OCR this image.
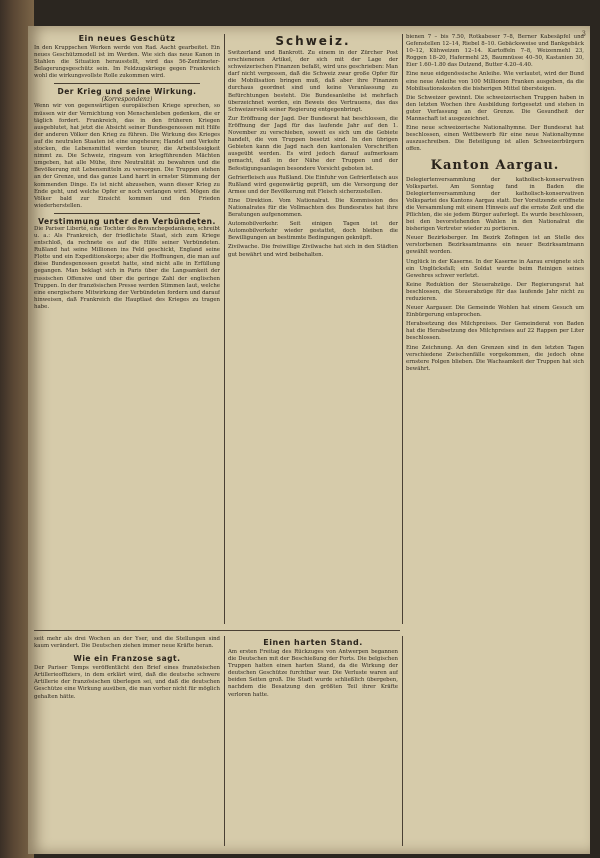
3
Ein neues Geschütz

In den Kruppschen Werken werde von Rad. Aacht gearbeitet. Ein neues Geschützmodell ist im Werden. Wie sich das neue Kanon in Stahlen die Situation herausstellt, wird das 56-Zentimeter-Belagerungsgeschütz sein. Im Feldzugskriege gegen Frankreich wohl die wirkungsvollste Rolle zukommen wird.

Der Krieg und seine Wirkung.
(Korrespondenz)

Wenn wir von gegenwärtigen europäischen Kriege sprechen, so müssen wir der Vernichtung von Menschenleben gedenken, die er täglich fordert. Frankreich, das in den früheren Kriegen ausgeblutet, hat jetzt die Absicht seiner Bundesgenossen mit Hilfe der anderen Völker den Krieg zu führen. Die Wirkung des Krieges auf die neutralen Staaten ist eine ungeheure; Handel und Verkehr stocken, die Lebensmittel werden teurer, die Arbeitslosigkeit nimmt zu. Die Schweiz, ringsum von kriegführenden Mächten umgeben, hat alle Mühe, ihre Neutralität zu bewahren und die Bevölkerung mit Lebensmitteln zu versorgen. Die Truppen stehen an der Grenze, und das ganze Land harrt in ernster Stimmung der kommenden Dinge. Es ist nicht abzusehen, wann dieser Krieg zu Ende geht, und welche Opfer er noch verlangen wird. Mögen die Völker bald zur Einsicht kommen und den Frieden wiederherstellen.

Verstimmung unter den Verbündeten.

Die Pariser Liberté, eine Tochter des Revanchegedankens, schreibt u. a.: Als Frankreich, der friedlichste Staat, sich zum Kriege entschloß, da rechnete es auf die Hilfe seiner Verbündeten. Rußland hat seine Millionen ins Feld geschickt, England seine Flotte und ein Expeditionskorps; aber die Hoffnungen, die man auf diese Bundesgenossen gesetzt hatte, sind nicht alle in Erfüllung gegangen. Man beklagt sich in Paris über die Langsamkeit der russischen Offensive und über die geringe Zahl der englischen Truppen. In der französischen Presse werden Stimmen laut, welche eine energischere Mitwirkung der Verbündeten fordern und darauf hinweisen, daß Frankreich die Hauptlast des Krieges zu tragen habe.

Schweiz.

Switzerland und Bankrott. Zu einem in der Zürcher Post erschienenen Artikel, der sich mit der Lage der schweizerischen Finanzen befaßt, wird uns geschrieben: Man darf nicht vergessen, daß die Schweiz zwar große Opfer für die Mobilisation bringen muß, daß aber ihre Finanzen durchaus geordnet sind und keine Veranlassung zu Befürchtungen besteht. Die Bundesanleihe ist mehrfach überzeichnet worden, ein Beweis des Vertrauens, das das Schweizervolk seiner Regierung entgegenbringt.

Zur Eröffnung der Jagd. Der Bundesrat hat beschlossen, die Eröffnung der Jagd für das laufende Jahr auf den 1. November zu verschieben, soweit es sich um die Gebiete handelt, die von Truppen besetzt sind. In den übrigen Gebieten kann die Jagd nach den kantonalen Vorschriften ausgeübt werden. Es wird jedoch darauf aufmerksam gemacht, daß in der Nähe der Truppen und der Befestigungsanlagen besondere Vorsicht geboten ist.

Gefrierfleisch aus Rußland. Die Einfuhr von Gefrierfleisch aus Rußland wird gegenwärtig geprüft, um die Versorgung der Armee und der Bevölkerung mit Fleisch sicherzustellen.

Eine Direktion. Vom Nationalrat. Die Kommission des Nationalrates für die Vollmachten des Bundesrates hat ihre Beratungen aufgenommen.

Automobilverkehr. Seit einigen Tagen ist der Automobilverkehr wieder gestattet, doch bleiben die Bewilligungen an bestimmte Bedingungen geknüpft.

Zivilwache. Die freiwillige Zivilwache hat sich in den Städten gut bewährt und wird beibehalten.

bienen 7 – bis 7.50, Rotkabeser 7–8, Berner Kabesäpfel und Gefenstellen 12–14, Riebel 8–10. Gebäcksweise und Bankgebäck 10–12, Kühweizen 12–14. Kartoffeln 7–8, Weizenmehl 23, Roggen 18–20, Hafermehl 25, Baumnüsse 40–50, Kastanien 30, Eier 1.60–1.80 das Dutzend, Butter 4.20–4.40.

Eine neue eidgenössische Anleihe. Wie verlautet, wird der Bund eine neue Anleihe von 100 Millionen Franken ausgeben, da die Mobilisationskosten die bisherigen Mittel übersteigen.

Die Schweizer gewinnt. Die schweizerischen Truppen haben in den letzten Wochen ihre Ausbildung fortgesetzt und stehen in guter Verfassung an der Grenze. Die Gesundheit der Mannschaft ist ausgezeichnet.

Eine neue schweizerische Nationalhymne. Der Bundesrat hat beschlossen, einen Wettbewerb für eine neue Nationalhymne auszuschreiben. Die Beteiligung ist allen Schweizerbürgern offen.

Kanton Aargau.

Delegiertenversammlung der katholisch-konservativen Volkspartei. Am Sonntag fand in Baden die Delegiertenversammlung der katholisch-konservativen Volkspartei des Kantons Aargau statt. Der Vorsitzende eröffnete die Versammlung mit einem Hinweis auf die ernste Zeit und die Pflichten, die sie jedem Bürger auferlegt. Es wurde beschlossen, bei den bevorstehenden Wahlen in den Nationalrat die bisherigen Vertreter wieder zu portieren.

Neuer Bezirksberger. Im Bezirk Zofingen ist an Stelle des verstorbenen Bezirksamtmanns ein neuer Bezirksamtmann gewählt worden.

Unglück in der Kaserne. In der Kaserne in Aarau ereignete sich ein Unglücksfall; ein Soldat wurde beim Reinigen seines Gewehres schwer verletzt.

Keine Reduktion der Steuerabzüge. Der Regierungsrat hat beschlossen, die Steuerabzüge für das laufende Jahr nicht zu reduzieren.

Neuer Aargauer. Die Gemeinde Wohlen hat einem Gesuch um Einbürgerung entsprochen.

Herabsetzung des Milchpreises. Der Gemeinderat von Baden hat die Herabsetzung des Milchpreises auf 22 Rappen per Liter beschlossen.

Eine Zeichnung. An den Grenzen sind in den letzten Tagen verschiedene Zwischenfälle vorgekommen, die jedoch ohne ernstere Folgen blieben. Die Wachsamkeit der Truppen hat sich bewährt.

seit mehr als drei Wochen an der Yser, und die Stellungen sind kaum verändert. Die Deutschen ziehen immer neue Kräfte heran.

Wie ein Franzose sagt.

Der Pariser Temps veröffentlicht den Brief eines französischen Artillerieoffiziers, in dem erklärt wird, daß die deutsche schwere Artillerie der französischen überlegen sei, und daß die deutschen Geschütze eine Wirkung ausüben, die man vorher nicht für möglich gehalten hätte.

Einen harten Stand.

Am ersten Freitag des Rückzuges von Antwerpen begannen die Deutschen mit der Beschießung der Forts. Die belgischen Truppen hatten einen harten Stand, da die Wirkung der deutschen Geschütze furchtbar war. Die Verluste waren auf beiden Seiten groß. Die Stadt wurde schließlich übergeben, nachdem die Besatzung den größten Teil ihrer Kräfte verloren hatte.
